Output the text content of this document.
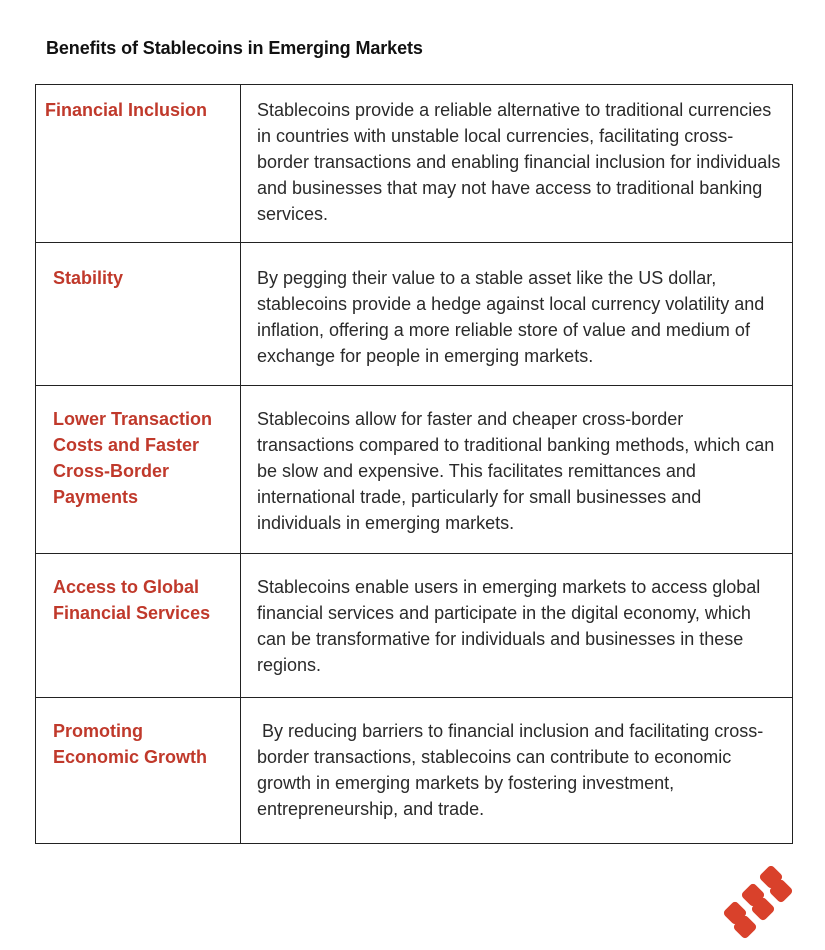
Benefits of Stablecoins in Emerging Markets
Financial Inclusion	Stablecoins provide a reliable alternative to traditional currencies in countries with unstable local currencies, facilitating cross-border transactions and enabling financial inclusion for individuals and businesses that may not have access to traditional banking services.

Stability	By pegging their value to a stable asset like the US dollar, stablecoins provide a hedge against local currency volatility and inflation, offering a more reliable store of value and medium of exchange for people in emerging markets.

Lower Transaction Costs and Faster Cross-Border Payments	Stablecoins allow for faster and cheaper cross-border transactions compared to traditional banking methods, which can be slow and expensive. This facilitates remittances and international trade, particularly for small businesses and individuals in emerging markets.

Access to Global Financial Services	Stablecoins enable users in emerging markets to access global financial services and participate in the digital economy, which can be transformative for individuals and businesses in these regions.

Promoting Economic Growth	By reducing barriers to financial inclusion and facilitating cross-border transactions, stablecoins can contribute to economic growth in emerging markets by fostering investment, entrepreneurship, and trade.
